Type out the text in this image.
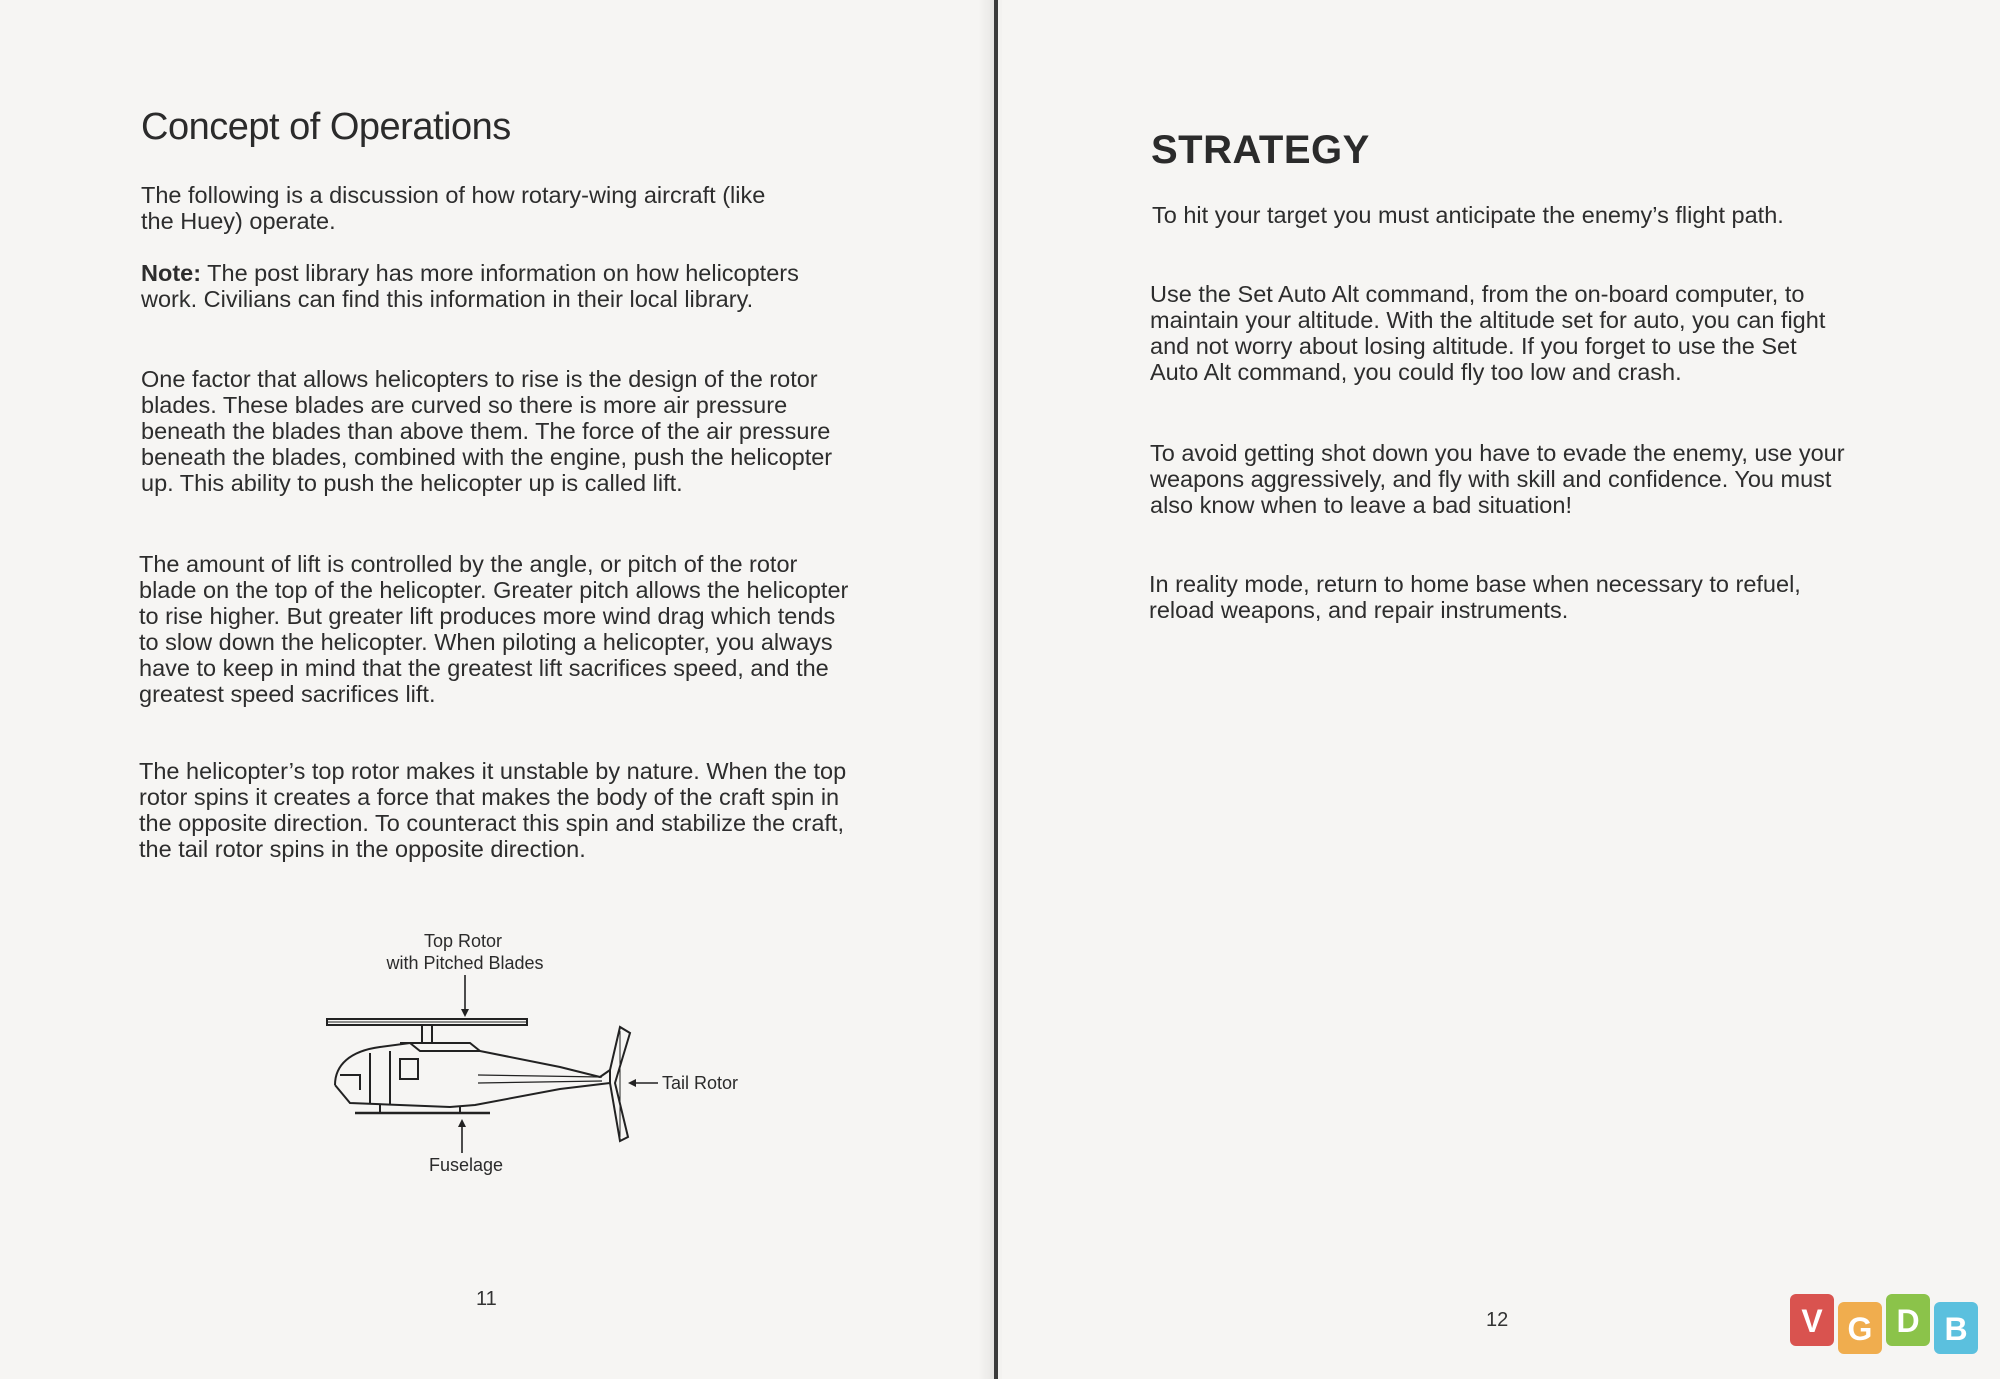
Concept of Operations

The following is a discussion of how rotary-wing aircraft (like the Huey) operate.

Note: The post library has more information on how helicopters work. Civilians can find this information in their local library.

One factor that allows helicopters to rise is the design of the rotor blades. These blades are curved so there is more air pressure beneath the blades than above them. The force of the air pressure beneath the blades, combined with the engine, push the helicopter up. This ability to push the helicopter up is called lift.

The amount of lift is controlled by the angle, or pitch of the rotor blade on the top of the helicopter. Greater pitch allows the helicopter to rise higher. But greater lift produces more wind drag which tends to slow down the helicopter. When piloting a helicopter, you always have to keep in mind that the greatest lift sacrifices speed, and the greatest speed sacrifices lift.

The helicopter’s top rotor makes it unstable by nature. When the top rotor spins it creates a force that makes the body of the craft spin in the opposite direction. To counteract this spin and stabilize the craft, the tail rotor spins in the opposite direction.

Top Rotor
with Pitched Blades
Tail Rotor
Fuselage
11
STRATEGY

To hit your target you must anticipate the enemy’s flight path.

Use the Set Auto Alt command, from the on-board computer, to maintain your altitude. With the altitude set for auto, you can fight and not worry about losing altitude. If you forget to use the Set Auto Alt command, you could fly too low and crash.

To avoid getting shot down you have to evade the enemy, use your weapons aggressively, and fly with skill and confidence. You must also know when to leave a bad situation!

In reality mode, return to home base when necessary to refuel, reload weapons, and repair instruments.

12	V G D B
